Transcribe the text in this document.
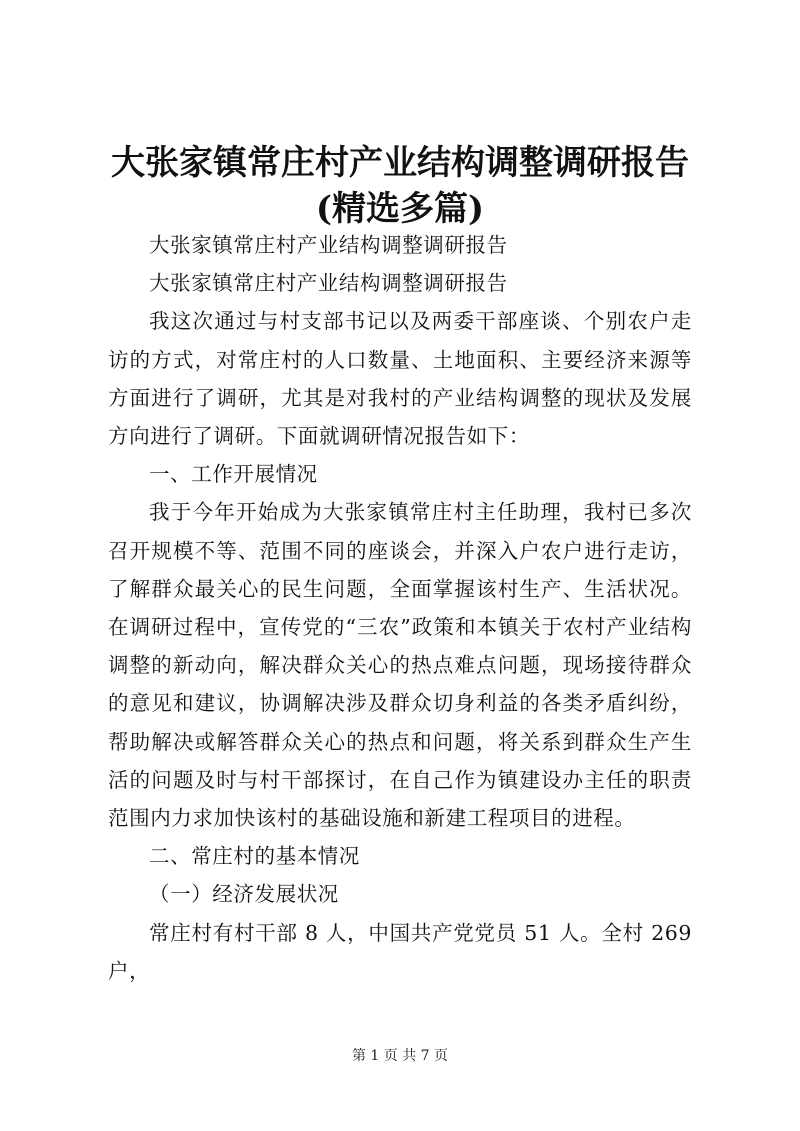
大张家镇常庄村产业结构调整调研报告(精选多篇)

大张家镇常庄村产业结构调整调研报告

大张家镇常庄村产业结构调整调研报告

我这次通过与村支部书记以及两委干部座谈、个别农户走访的方式，对常庄村的人口数量、土地面积、主要经济来源等方面进行了调研，尤其是对我村的产业结构调整的现状及发展方向进行了调研。下面就调研情况报告如下：

一、工作开展情况

我于今年开始成为大张家镇常庄村主任助理，我村已多次召开规模不等、范围不同的座谈会，并深入户农户进行走访，了解群众最关心的民生问题，全面掌握该村生产、生活状况。在调研过程中，宣传党的“三农”政策和本镇关于农村产业结构调整的新动向，解决群众关心的热点难点问题，现场接待群众的意见和建议，协调解决涉及群众切身利益的各类矛盾纠纷，帮助解决或解答群众关心的热点和问题，将关系到群众生产生活的问题及时与村干部探讨，在自己作为镇建设办主任的职责范围内力求加快该村的基础设施和新建工程项目的进程。

二、常庄村的基本情况

（一）经济发展状况

常庄村有村干部 8 人，中国共产党党员 51 人。全村 269 户，

第 1 页 共 7 页
